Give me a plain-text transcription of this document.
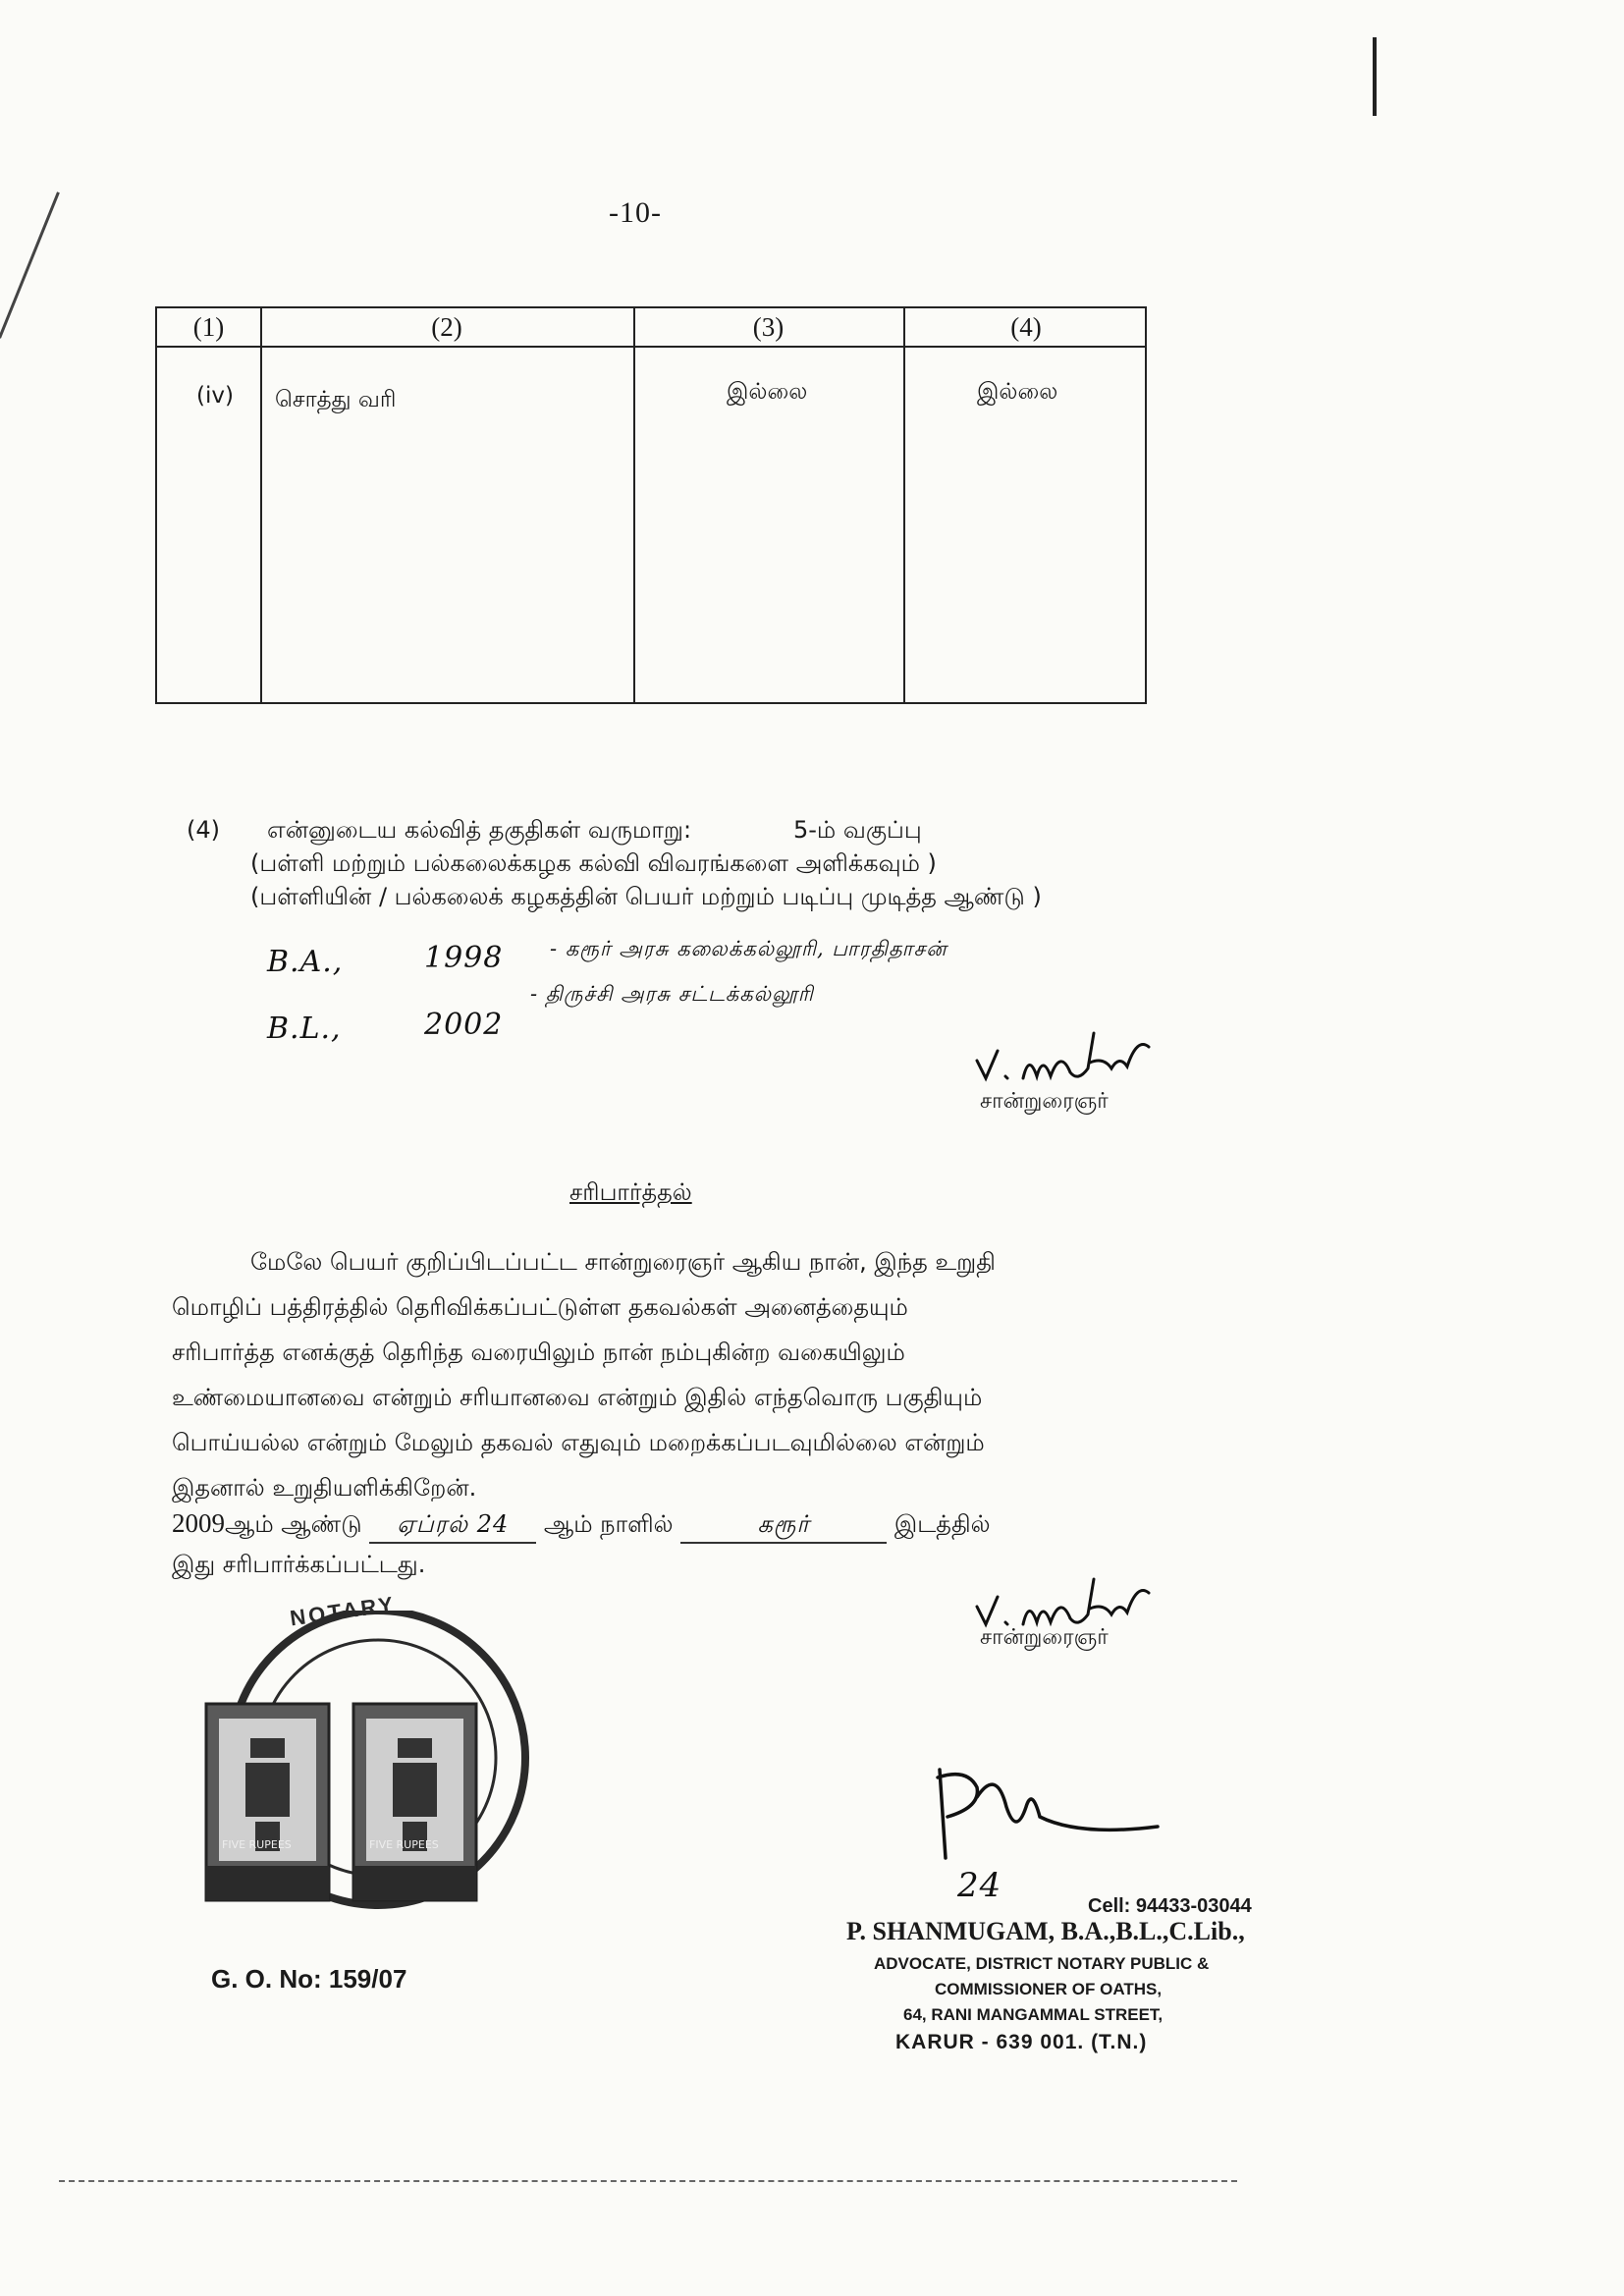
-10-
(1)	(2)	(3)	(4)
(iv) சொத்து வரி	இல்லை	இல்லை
(4) என்னுடைய கல்வித் தகுதிகள் வருமாறு:	5-ம் வகுப்பு
(பள்ளி மற்றும் பல்கலைக்கழக கல்வி விவரங்களை அளிக்கவும் )
(பள்ளியின் / பல்கலைக் கழகத்தின் பெயர் மற்றும் படிப்பு முடித்த ஆண்டு )
B.A.,	1998 - கரூர் அரசு கலைக்கல்லூரி, பாரதிதாசன்
B.L.,	2002
- திருச்சி அரசு சட்டக்கல்லூரி
சான்றுரைஞர்
சரிபார்த்தல்
மேலே பெயர் குறிப்பிடப்பட்ட சான்றுரைஞர் ஆகிய நான், இந்த உறுதி
மொழிப் பத்திரத்தில் தெரிவிக்கப்பட்டுள்ள தகவல்கள் அனைத்தையும்
சரிபார்த்த எனக்குத் தெரிந்த வரையிலும் நான் நம்புகின்ற வகையிலும்
உண்மையானவை என்றும் சரியானவை என்றும் இதில் எந்தவொரு பகுதியும்
பொய்யல்ல என்றும் மேலும் தகவல் எதுவும் மறைக்கப்படவுமில்லை என்றும்
இதனால் உறுதியளிக்கிறேன்.
2009ஆம் ஆண்டு ஏப்ரல் 24 ஆம் நாளில்	கரூர்	இடத்தில்
இது சரிபார்க்கப்பட்டது.
சான்றுரைஞர்
NOTARY
FIVE RUPEES	FIVE RUPEES
G. O. No: 159/07
24
Cell: 94433-03044
P. SHANMUGAM, B.A.,B.L.,C.Lib.,
ADVOCATE, DISTRICT NOTARY PUBLIC &
COMMISSIONER OF OATHS,
64, RANI MANGAMMAL STREET,
KARUR - 639 001. (T.N.)
